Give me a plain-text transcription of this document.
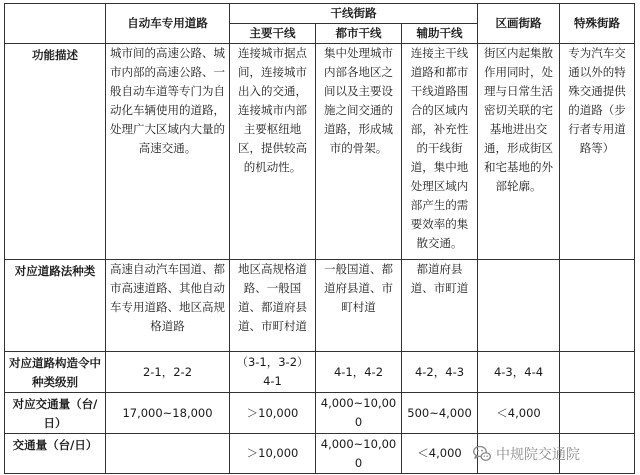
	自动车专用道路	干线街路			区画街路	特殊街路
		主要干线	都市干线	辅助干线		
功能描述	城市间的高速公路、城市内部的高速公路、一般自动车道等专门为自动化车辆使用的道路，处理广大区域内大量的高速交通。	连接城市据点间，连接城市出入的交通，连接城市内部主要枢纽地区，提供较高的机动性。	集中处理城市内部各地区之间以及主要设施之间交通的道路，形成城市的骨架。	连接主干线道路和都市干线道路围合的区域内部，补充性的干线街道，集中地处理区域内部产生的需要效率的集散交通。	街区内起集散作用同时，处理与日常生活密切关联的宅基地进出交通，形成街区和宅基地的外部轮廓。	专为汽车交通以外的特殊交通提供的道路（步行者专用道路等）
对应道路法种类	高速自动汽车国道、都市高速道路、其他自动车专用道路、地区高规格道路	地区高规格道路、一般国道、都道府县道、市町村道	一般国道、都道府县道、市町村道	都道府县道、市町道		
对应道路构造令中种类级别	2-1，2-2	（3-1，3-2）4-1	4-1，4-2	4-2，4-3	4-3，4-4	
对应交通量（台/日）	17,000~18,000	＞10,000	4,000~10,000	500~4,000	＜4,000	
交通量（台/日）		＞10,000	4,000~10,000	＜4,000		中规院交通院
